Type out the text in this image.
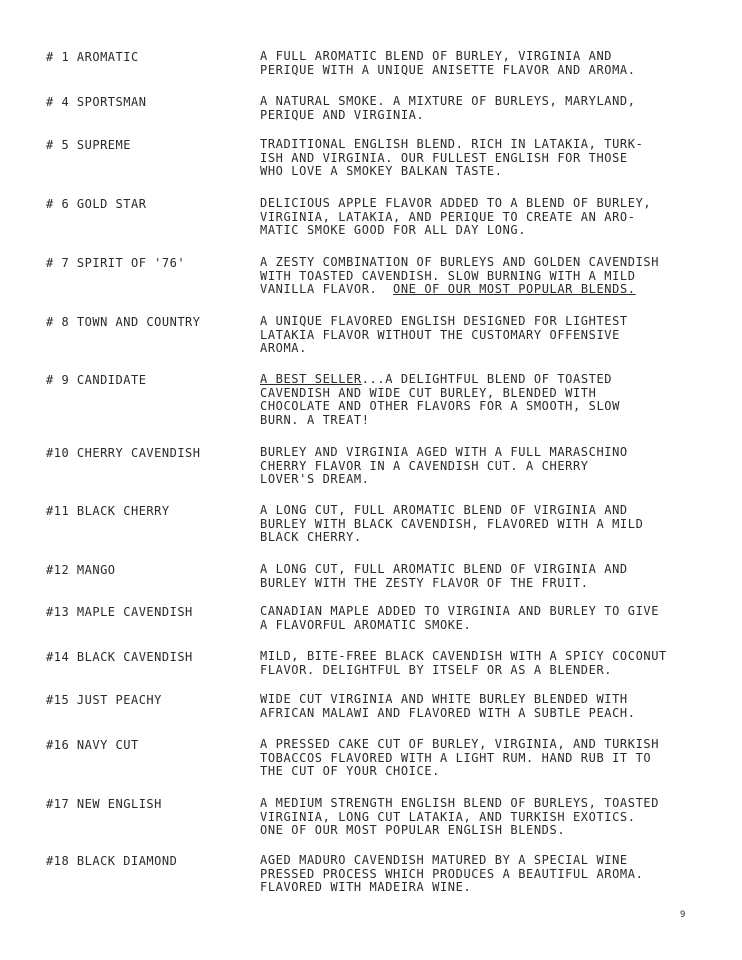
# 1 AROMATIC	A FULL AROMATIC BLEND OF BURLEY, VIRGINIA AND
PERIQUE WITH A UNIQUE ANISETTE FLAVOR AND AROMA.
# 4 SPORTSMAN	A NATURAL SMOKE. A MIXTURE OF BURLEYS, MARYLAND,
PERIQUE AND VIRGINIA.
# 5 SUPREME	TRADITIONAL ENGLISH BLEND. RICH IN LATAKIA, TURK-
ISH AND VIRGINIA. OUR FULLEST ENGLISH FOR THOSE
WHO LOVE A SMOKEY BALKAN TASTE.
# 6 GOLD STAR	DELICIOUS APPLE FLAVOR ADDED TO A BLEND OF BURLEY,
VIRGINIA, LATAKIA, AND PERIQUE TO CREATE AN ARO-
MATIC SMOKE GOOD FOR ALL DAY LONG.
# 7 SPIRIT OF '76'	A ZESTY COMBINATION OF BURLEYS AND GOLDEN CAVENDISH
WITH TOASTED CAVENDISH. SLOW BURNING WITH A MILD
VANILLA FLAVOR.  ONE OF OUR MOST POPULAR BLENDS.
# 8 TOWN AND COUNTRY	A UNIQUE FLAVORED ENGLISH DESIGNED FOR LIGHTEST
LATAKIA FLAVOR WITHOUT THE CUSTOMARY OFFENSIVE
AROMA.
# 9 CANDIDATE	A BEST SELLER...A DELIGHTFUL BLEND OF TOASTED
CAVENDISH AND WIDE CUT BURLEY, BLENDED WITH
CHOCOLATE AND OTHER FLAVORS FOR A SMOOTH, SLOW
BURN. A TREAT!
#10 CHERRY CAVENDISH	BURLEY AND VIRGINIA AGED WITH A FULL MARASCHINO
CHERRY FLAVOR IN A CAVENDISH CUT. A CHERRY
LOVER'S DREAM.
#11 BLACK CHERRY	A LONG CUT, FULL AROMATIC BLEND OF VIRGINIA AND
BURLEY WITH BLACK CAVENDISH, FLAVORED WITH A MILD
BLACK CHERRY.
#12 MANGO	A LONG CUT, FULL AROMATIC BLEND OF VIRGINIA AND
BURLEY WITH THE ZESTY FLAVOR OF THE FRUIT.
#13 MAPLE CAVENDISH	CANADIAN MAPLE ADDED TO VIRGINIA AND BURLEY TO GIVE
A FLAVORFUL AROMATIC SMOKE.
#14 BLACK CAVENDISH	MILD, BITE-FREE BLACK CAVENDISH WITH A SPICY COCONUT
FLAVOR. DELIGHTFUL BY ITSELF OR AS A BLENDER.
#15 JUST PEACHY	WIDE CUT VIRGINIA AND WHITE BURLEY BLENDED WITH
AFRICAN MALAWI AND FLAVORED WITH A SUBTLE PEACH.
#16 NAVY CUT	A PRESSED CAKE CUT OF BURLEY, VIRGINIA, AND TURKISH
TOBACCOS FLAVORED WITH A LIGHT RUM. HAND RUB IT TO
THE CUT OF YOUR CHOICE.
#17 NEW ENGLISH	A MEDIUM STRENGTH ENGLISH BLEND OF BURLEYS, TOASTED
VIRGINIA, LONG CUT LATAKIA, AND TURKISH EXOTICS.
ONE OF OUR MOST POPULAR ENGLISH BLENDS.
#18 BLACK DIAMOND	AGED MADURO CAVENDISH MATURED BY A SPECIAL WINE
PRESSED PROCESS WHICH PRODUCES A BEAUTIFUL AROMA.
FLAVORED WITH MADEIRA WINE.
9
